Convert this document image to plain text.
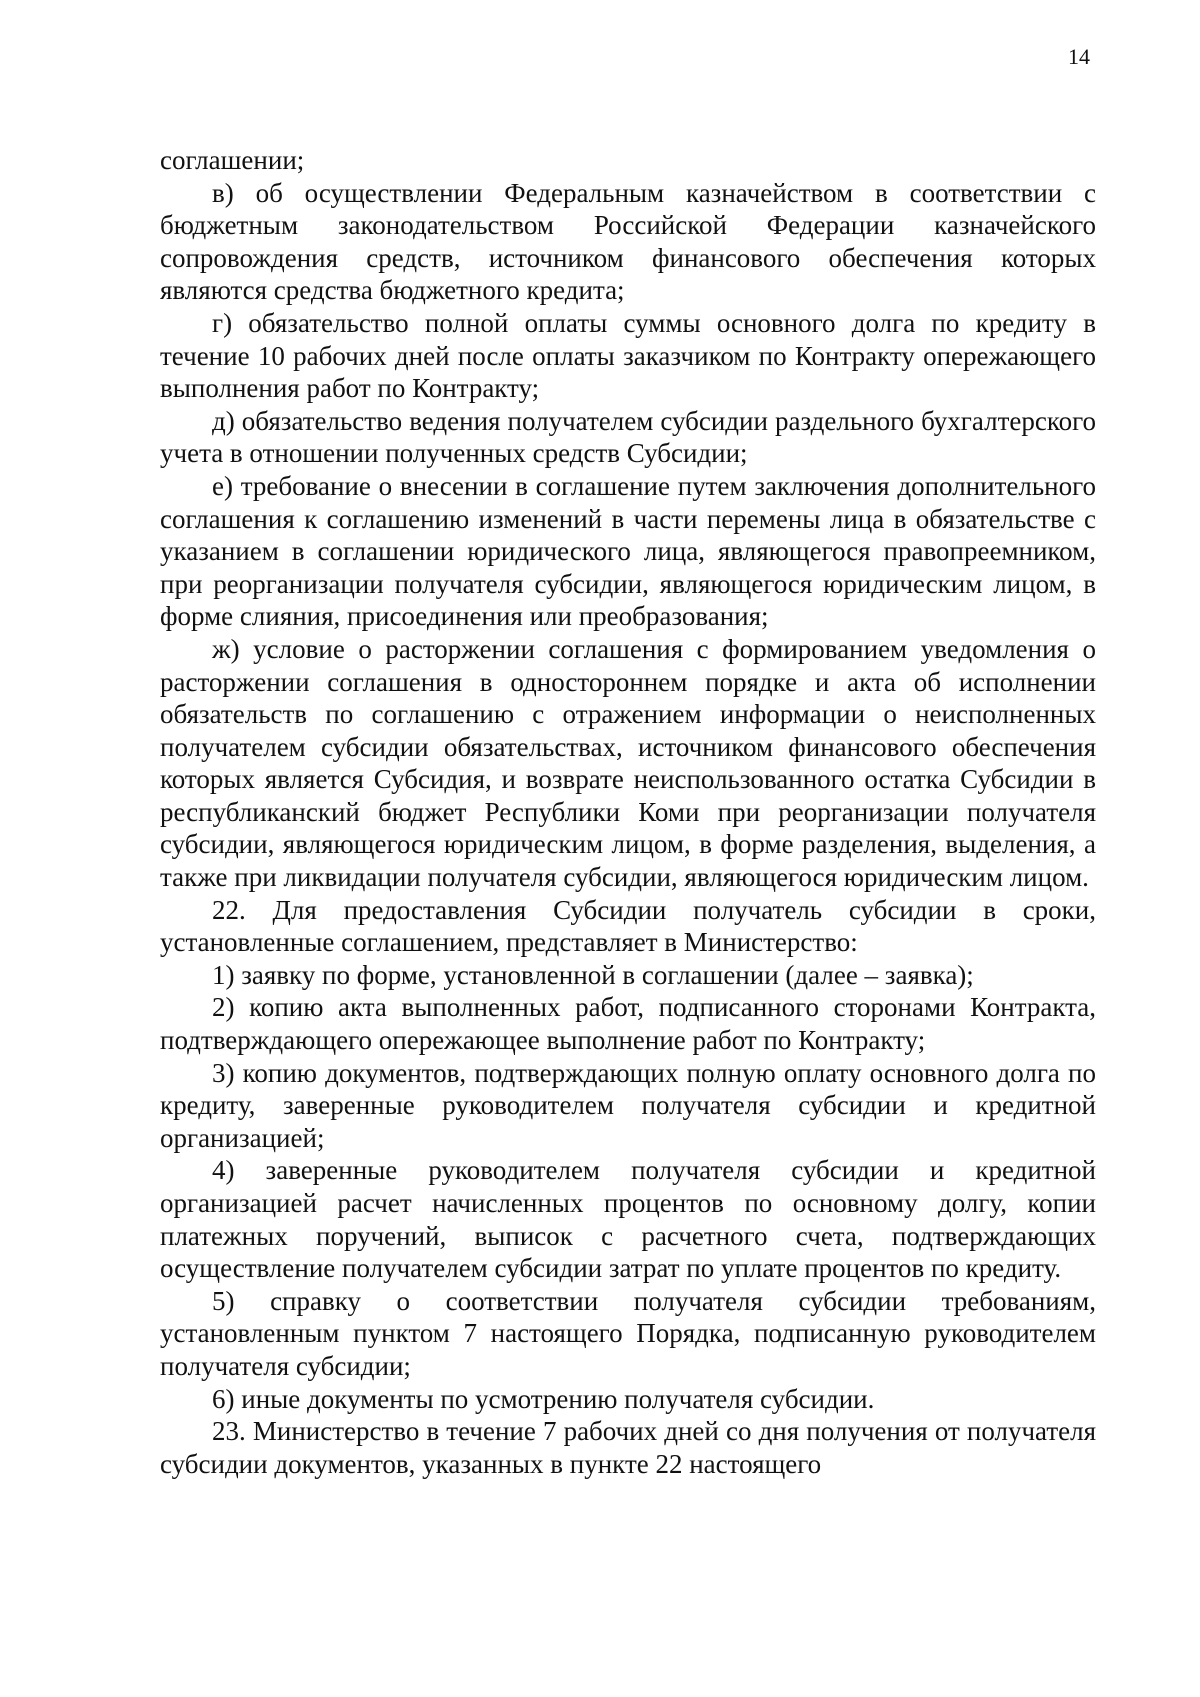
14

соглашении;

в) об осуществлении Федеральным казначейством в соответствии с бюджетным законодательством Российской Федерации казначейского сопровождения средств, источником финансового обеспечения которых являются средства бюджетного кредита;

г) обязательство полной оплаты суммы основного долга по кредиту в течение 10 рабочих дней после оплаты заказчиком по Контракту опережающего выполнения работ по Контракту;

д) обязательство ведения получателем субсидии раздельного бухгалтерского учета в отношении полученных средств Субсидии;

е) требование о внесении в соглашение путем заключения дополнительного соглашения к соглашению изменений в части перемены лица в обязательстве с указанием в соглашении юридического лица, являющегося правопреемником, при реорганизации получателя субсидии, являющегося юридическим лицом, в форме слияния, присоединения или преобразования;

ж) условие о расторжении соглашения с формированием уведомления о расторжении соглашения в одностороннем порядке и акта об исполнении обязательств по соглашению с отражением информации о неисполненных получателем субсидии обязательствах, источником финансового обеспечения которых является Субсидия, и возврате неиспользованного остатка Субсидии в республиканский бюджет Республики Коми при реорганизации получателя субсидии, являющегося юридическим лицом, в форме разделения, выделения, а также при ликвидации получателя субсидии, являющегося юридическим лицом.

22. Для предоставления Субсидии получатель субсидии в сроки, установленные соглашением, представляет в Министерство:

1) заявку по форме, установленной в соглашении (далее – заявка);

2) копию акта выполненных работ, подписанного сторонами Контракта, подтверждающего опережающее выполнение работ по Контракту;

3) копию документов, подтверждающих полную оплату основного долга по кредиту, заверенные руководителем получателя субсидии и кредитной организацией;

4) заверенные руководителем получателя субсидии и кредитной организацией расчет начисленных процентов по основному долгу, копии платежных поручений, выписок с расчетного счета, подтверждающих осуществление получателем субсидии затрат по уплате процентов по кредиту.

5) справку о соответствии получателя субсидии требованиям, установленным пунктом 7 настоящего Порядка, подписанную руководителем получателя субсидии;

6) иные документы по усмотрению получателя субсидии.

23. Министерство в течение 7 рабочих дней со дня получения от получателя субсидии документов, указанных в пункте 22 настоящего
